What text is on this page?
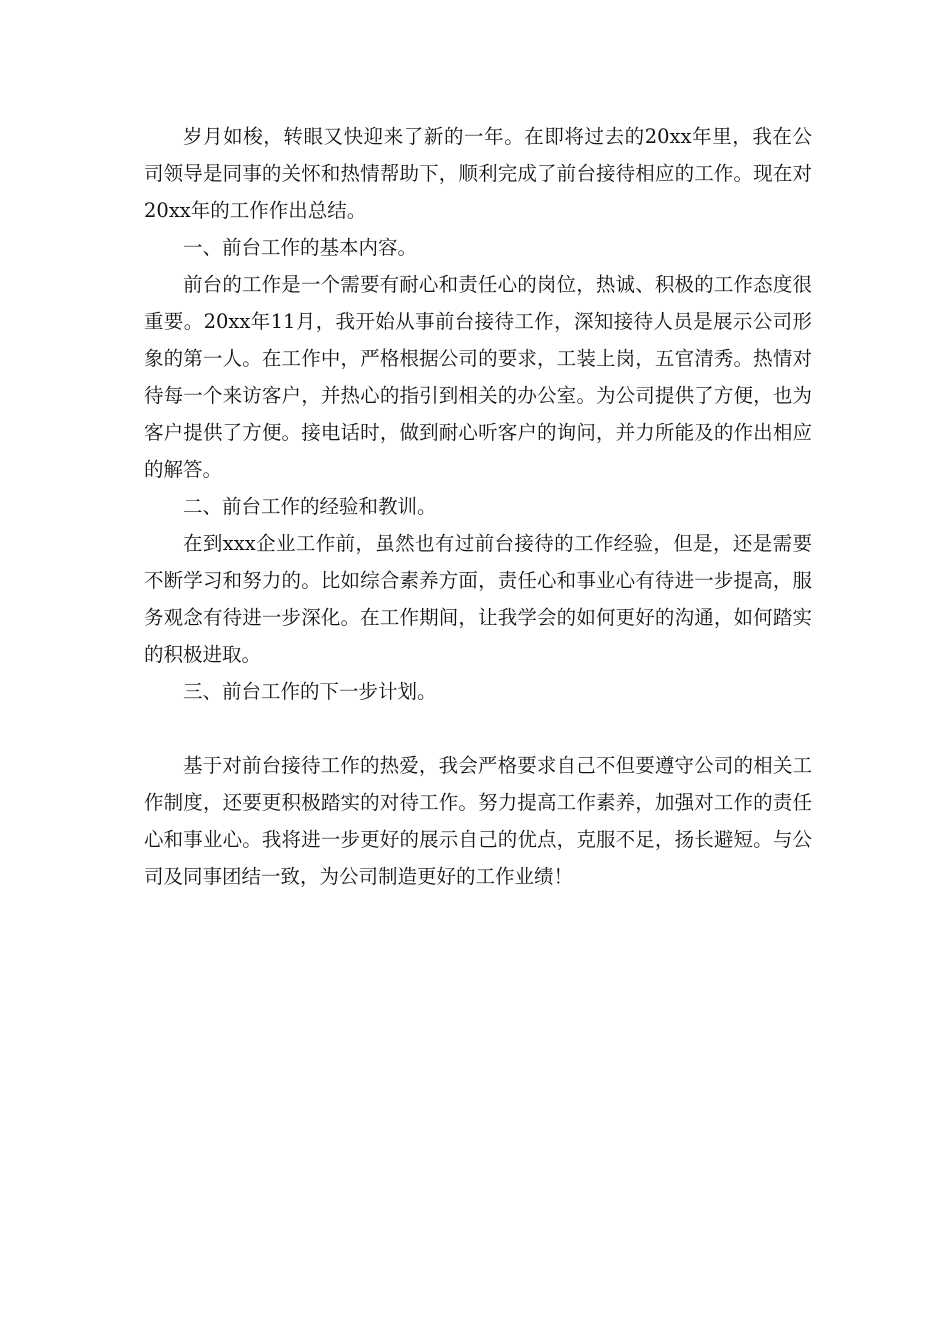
岁月如梭，转眼又快迎来了新的一年。在即将过去的20xx年里，我在公司领导是同事的关怀和热情帮助下，顺利完成了前台接待相应的工作。现在对20xx年的工作作出总结。

一、前台工作的基本内容。

前台的工作是一个需要有耐心和责任心的岗位，热诚、积极的工作态度很重要。20xx年11月，我开始从事前台接待工作，深知接待人员是展示公司形象的第一人。在工作中，严格根据公司的要求，工装上岗，五官清秀。热情对待每一个来访客户，并热心的指引到相关的办公室。为公司提供了方便，也为客户提供了方便。接电话时，做到耐心听客户的询问，并力所能及的作出相应的解答。

二、前台工作的经验和教训。

在到xxx企业工作前，虽然也有过前台接待的工作经验，但是，还是需要不断学习和努力的。比如综合素养方面，责任心和事业心有待进一步提高，服务观念有待进一步深化。在工作期间，让我学会的如何更好的沟通，如何踏实的积极进取。

三、前台工作的下一步计划。

基于对前台接待工作的热爱，我会严格要求自己不但要遵守公司的相关工作制度，还要更积极踏实的对待工作。努力提高工作素养，加强对工作的责任心和事业心。我将进一步更好的展示自己的优点，克服不足，扬长避短。与公司及同事团结一致，为公司制造更好的工作业绩！
